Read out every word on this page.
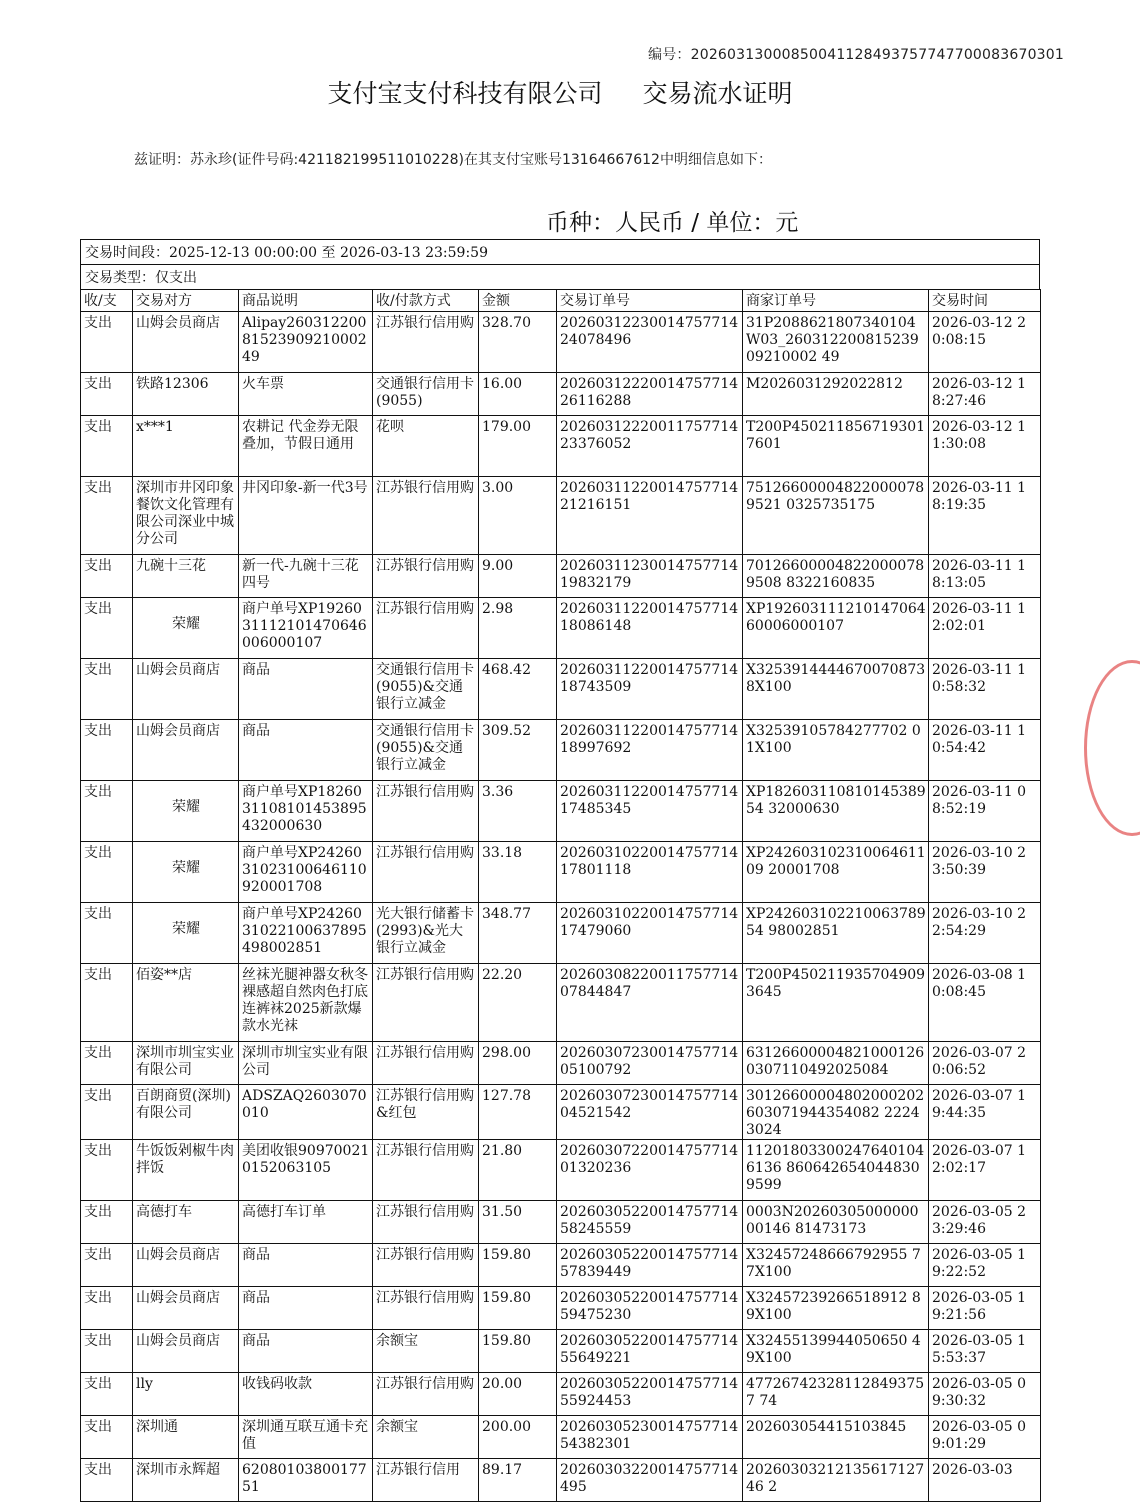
编号：20260313000850041128493757747700083670301
支付宝支付科技有限公司 交易流水证明
兹证明：苏永珍(证件号码:421182199511010228)在其支付宝账号13164667612中明细信息如下：
币种：人民币 / 单位：元
交易时间段：2025-12-13 00:00:00 至 2026-03-13 23:59:59
交易类型：仅支出
收/支	交易对方	商品说明	收/付款方式	金额	交易订单号	商家订单号	交易时间
支出	山姆会员商店	Alipay2603122008152390921000249	江苏银行信用购	328.70	2026031223001475771424078496	31P2088621807340104W03_26031220081523909210002 49	2026-03-12 20:08:15
支出	铁路12306	火车票	交通银行信用卡(9055)	16.00	2026031222001475771426116288	M2026031292022812	2026-03-12 18:27:46
支出	x***1	农耕记 代金券无限叠加，节假日通用	花呗	179.00	2026031222001175771423376052	T200P4502118567193017601	2026-03-12 11:30:08
支出	深圳市井冈印象餐饮文化管理有限公司深业中城分公司	井冈印象-新一代3号	江苏银行信用购	3.00	2026031122001475771421216151	751266000048220000789521 0325735175	2026-03-11 18:19:35
支出	九碗十三花	新一代-九碗十三花四号	江苏银行信用购	9.00	2026031123001475771419832179	701266000048220000789508 8322160835	2026-03-11 18:13:05
支出	荣耀	商户单号XP1926031112101470646006000107	江苏银行信用购	2.98	2026031122001475771418086148	XP19260311121014706460006000107	2026-03-11 12:02:01
支出	山姆会员商店	商品	交通银行信用卡(9055)&交通银行立减金	468.42	2026031122001475771418743509	X32539144446700708738X100	2026-03-11 10:58:32
支出	山姆会员商店	商品	交通银行信用卡(9055)&交通银行立减金	309.52	2026031122001475771418997692	X32539105784277702 01X100	2026-03-11 10:54:42
支出	荣耀	商户单号XP1826031108101453895432000630	江苏银行信用购	3.36	2026031122001475771417485345	XP18260311081014538954 32000630	2026-03-11 08:52:19
支出	荣耀	商户单号XP2426031023100646110920001708	江苏银行信用购	33.18	2026031022001475771417801118	XP24260310231006461109 20001708	2026-03-10 23:50:39
支出	荣耀	商户单号XP2426031022100637895498002851	光大银行储蓄卡(2993)&光大银行立减金	348.77	2026031022001475771417479060	XP24260310221006378954 98002851	2026-03-10 22:54:29
支出	佰姿**店	丝袜光腿神器女秋冬裸感超自然肉色打底连裤袜2025新款爆款水光袜	江苏银行信用购	22.20	2026030822001175771407844847	T200P4502119357049093645	2026-03-08 10:08:45
支出	深圳市圳宝实业有限公司	深圳市圳宝实业有限公司	江苏银行信用购	298.00	2026030723001475771405100792	631266000048210001260307110492025084	2026-03-07 20:06:52
支出	百朗商贸(深圳)有限公司	ADSZAQ2603070010	江苏银行信用购&红包	127.78	2026030723001475771404521542	30126600004802000202603071944354082 22243024	2026-03-07 19:44:35
支出	牛饭饭剁椒牛肉拌饭	美团收银909700210152063105	江苏银行信用购	21.80	2026030722001475771401320236	112018033002476401046136 8606426540448309599	2026-03-07 12:02:17
支出	高德打车	高德打车订单	江苏银行信用购	31.50	2026030522001475771458245559	0003N2026030500000000146 81473173	2026-03-05 23:29:46
支出	山姆会员商店	商品	江苏银行信用购	159.80	2026030522001475771457839449	X32457248666792955 77X100	2026-03-05 19:22:52
支出	山姆会员商店	商品	江苏银行信用购	159.80	2026030522001475771459475230	X32457239266518912 89X100	2026-03-05 19:21:56
支出	山姆会员商店	商品	余额宝	159.80	2026030522001475771455649221	X32455139944050650 49X100	2026-03-05 15:53:37
支出	lly	收钱码收款	江苏银行信用购	20.00	2026030522001475771455924453	477267423281128493757 74	2026-03-05 09:30:32
支出	深圳通	深圳通互联互通卡充值	余额宝	200.00	2026030523001475771454382301	202603054415103845	2026-03-05 09:01:29
支出	深圳市永辉超	6208010380017751	江苏银行信用	89.17	20260303220014757714495	2026030321213561712746 2	2026-03-03
